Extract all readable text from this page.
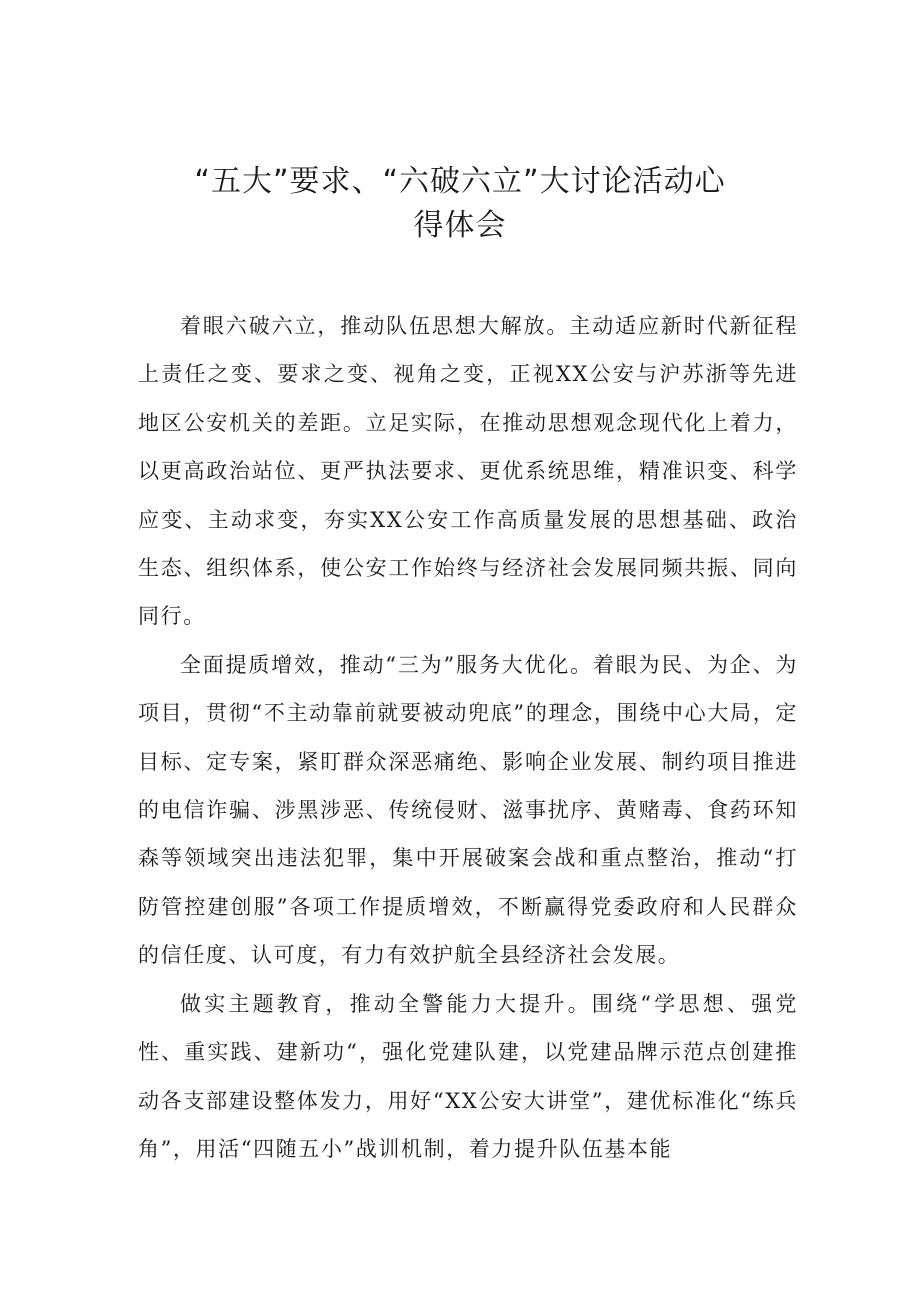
“五大”要求、“六破六立”大讨论活动心
得体会

着眼六破六立，推动队伍思想大解放。主动适应新时代新征程上责任之变、要求之变、视角之变，正视XX公安与沪苏浙等先进地区公安机关的差距。立足实际，在推动思想观念现代化上着力，以更高政治站位、更严执法要求、更优系统思维，精准识变、科学应变、主动求变，夯实XX公安工作高质量发展的思想基础、政治生态、组织体系，使公安工作始终与经济社会发展同频共振、同向同行。

全面提质增效，推动“三为”服务大优化。着眼为民、为企、为项目，贯彻“不主动靠前就要被动兜底”的理念，围绕中心大局，定目标、定专案，紧盯群众深恶痛绝、影响企业发展、制约项目推进的电信诈骗、涉黑涉恶、传统侵财、滋事扰序、黄赌毒、食药环知森等领域突出违法犯罪，集中开展破案会战和重点整治，推动“打防管控建创服”各项工作提质增效，不断赢得党委政府和人民群众的信任度、认可度，有力有效护航全县经济社会发展。

做实主题教育，推动全警能力大提升。围绕“学思想、强党性、重实践、建新功“，强化党建队建，以党建品牌示范点创建推动各支部建设整体发力，用好“XX公安大讲堂”，建优标准化“练兵角”，用活“四随五小”战训机制，着力提升队伍基本能
